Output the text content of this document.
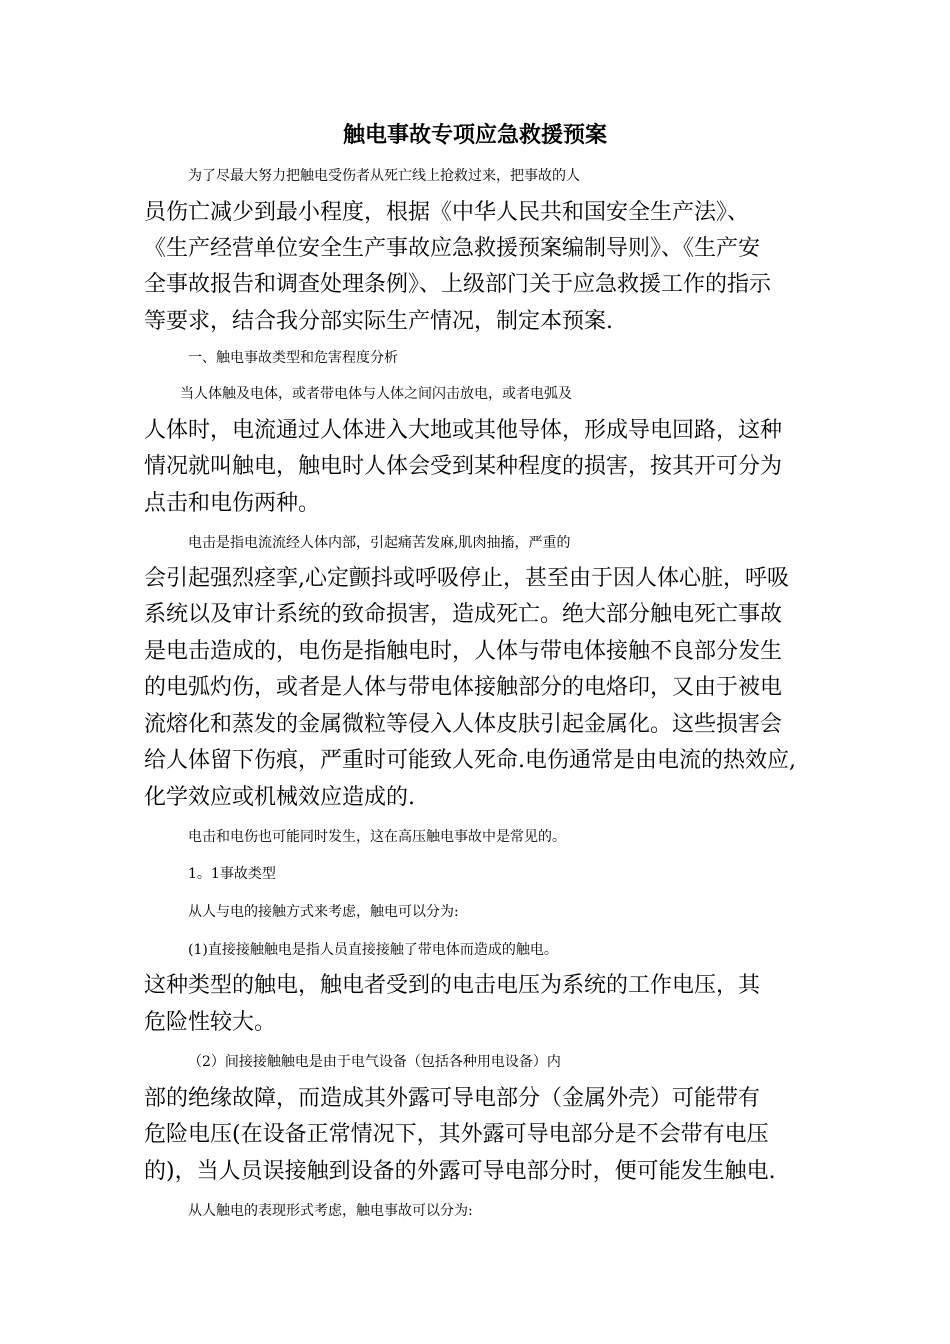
触电事故专项应急救援预案
为了尽最大努力把触电受伤者从死亡线上抢救过来，把事故的人
员伤亡减少到最小程度，根据《中华人民共和国安全生产法》、
《生产经营单位安全生产事故应急救援预案编制导则》、《生产安
全事故报告和调查处理条例》、上级部门关于应急救援工作的指示
等要求，结合我分部实际生产情况，制定本预案.
一、触电事故类型和危害程度分析
当人体触及电体，或者带电体与人体之间闪击放电，或者电弧及
人体时，电流通过人体进入大地或其他导体，形成导电回路，这种
情况就叫触电，触电时人体会受到某种程度的损害，按其开可分为
点击和电伤两种。
电击是指电流流经人体内部，引起痛苦发麻,肌肉抽搐，严重的
会引起强烈痉挛,心定颤抖或呼吸停止，甚至由于因人体心脏，呼吸
系统以及审计系统的致命损害，造成死亡。绝大部分触电死亡事故
是电击造成的，电伤是指触电时，人体与带电体接触不良部分发生
的电弧灼伤，或者是人体与带电体接触部分的电烙印，又由于被电
流熔化和蒸发的金属微粒等侵入人体皮肤引起金属化。这些损害会
给人体留下伤痕，严重时可能致人死命.电伤通常是由电流的热效应,
化学效应或机械效应造成的.
电击和电伤也可能同时发生，这在高压触电事故中是常见的。
1。1事故类型
从人与电的接触方式来考虑，触电可以分为:
(1)直接接触触电是指人员直接接触了带电体而造成的触电。
这种类型的触电，触电者受到的电击电压为系统的工作电压，其
危险性较大。
（2）间接接触触电是由于电气设备（包括各种用电设备）内
部的绝缘故障，而造成其外露可导电部分（金属外壳）可能带有
危险电压(在设备正常情况下，其外露可导电部分是不会带有电压
的)，当人员误接触到设备的外露可导电部分时，便可能发生触电.
从人触电的表现形式考虑，触电事故可以分为:
